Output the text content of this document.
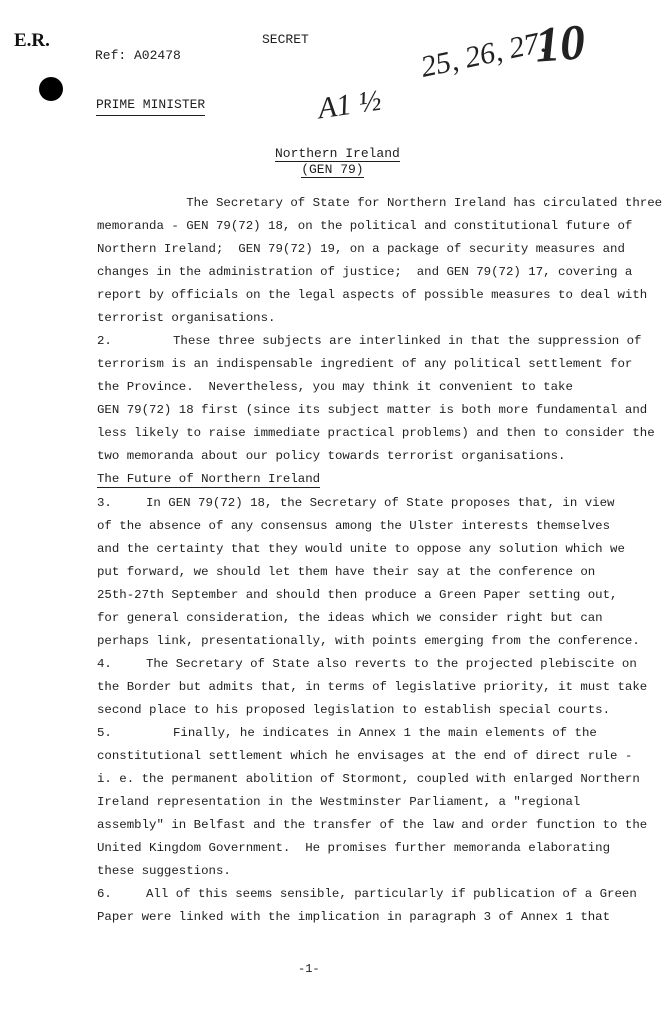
E.R.	SECRET
Ref: A02478
PRIME MINISTER	A1 ½
25, 26, 27.
10
Northern Ireland
(GEN 79)
The Secretary of State for Northern Ireland has circulated three
memoranda - GEN 79(72) 18, on the political and constitutional future of
Northern Ireland;  GEN 79(72) 19, on a package of security measures and
changes in the administration of justice;  and GEN 79(72) 17, covering a
report by officials on the legal aspects of possible measures to deal with
terrorist organisations.
2.	These three subjects are interlinked in that the suppression of
terrorism is an indispensable ingredient of any political settlement for
the Province.  Nevertheless, you may think it convenient to take
GEN 79(72) 18 first (since its subject matter is both more fundamental and
less likely to raise immediate practical problems) and then to consider the
two memoranda about our policy towards terrorist organisations.
The Future of Northern Ireland
3.	In GEN 79(72) 18, the Secretary of State proposes that, in view
of the absence of any consensus among the Ulster interests themselves
and the certainty that they would unite to oppose any solution which we
put forward, we should let them have their say at the conference on
25th-27th September and should then produce a Green Paper setting out,
for general consideration, the ideas which we consider right but can
perhaps link, presentationally, with points emerging from the conference.
4.	The Secretary of State also reverts to the projected plebiscite on
the Border but admits that, in terms of legislative priority, it must take
second place to his proposed legislation to establish special courts.
5.	Finally, he indicates in Annex 1 the main elements of the
constitutional settlement which he envisages at the end of direct rule -
i. e. the permanent abolition of Stormont, coupled with enlarged Northern
Ireland representation in the Westminster Parliament, a "regional
assembly" in Belfast and the transfer of the law and order function to the
United Kingdom Government.  He promises further memoranda elaborating
these suggestions.
6.	All of this seems sensible, particularly if publication of a Green
Paper were linked with the implication in paragraph 3 of Annex 1 that
-1-
